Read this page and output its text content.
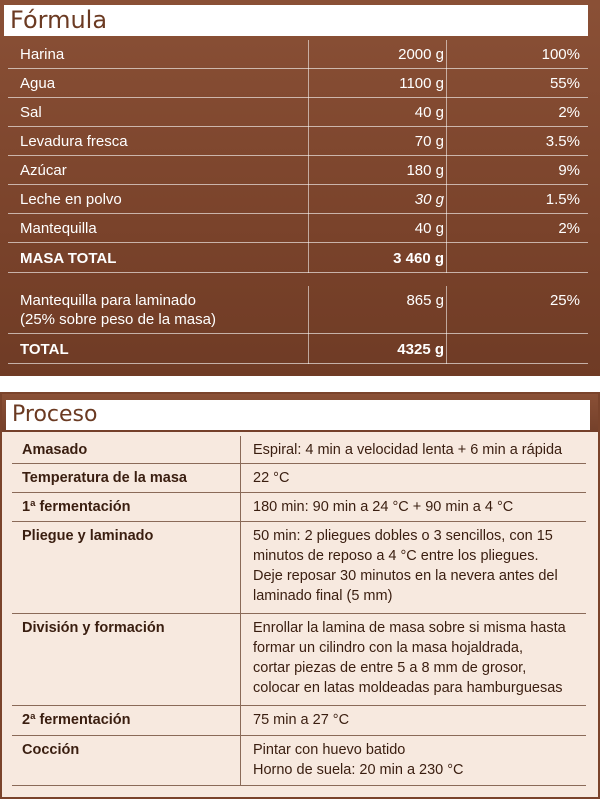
Fórmula
Harina	2000 g	100%
Agua	1100 g	55%
Sal	40 g	2%
Levadura fresca	70 g	3.5%
Azúcar	180 g	9%
Leche en polvo	30 g	1.5%
Mantequilla	40 g	2%
MASA TOTAL	3 460 g
Mantequilla para laminado
(25% sobre peso de la masa)
865 g	25%
TOTAL	4325 g
Proceso
Amasado	Espiral: 4 min a velocidad lenta + 6 min a rápida
Temperatura de la masa	22 °C
1ª fermentación	180 min: 90 min a 24 °C + 90 min a 4 °C
Pliegue y laminado	50 min: 2 pliegues dobles o 3 sencillos, con 15
minutos de reposo a 4 °C entre los pliegues.
Deje reposar 30 minutos en la nevera antes del
laminado final (5 mm)
División y formación	Enrollar la lamina de masa sobre si misma hasta
formar un cilindro con la masa hojaldrada,
cortar piezas de entre 5 a 8 mm de grosor,
colocar en latas moldeadas para hamburguesas
2ª fermentación	75 min a 27 °C
Cocción	Pintar con huevo batido
Horno de suela: 20 min a 230 °C
